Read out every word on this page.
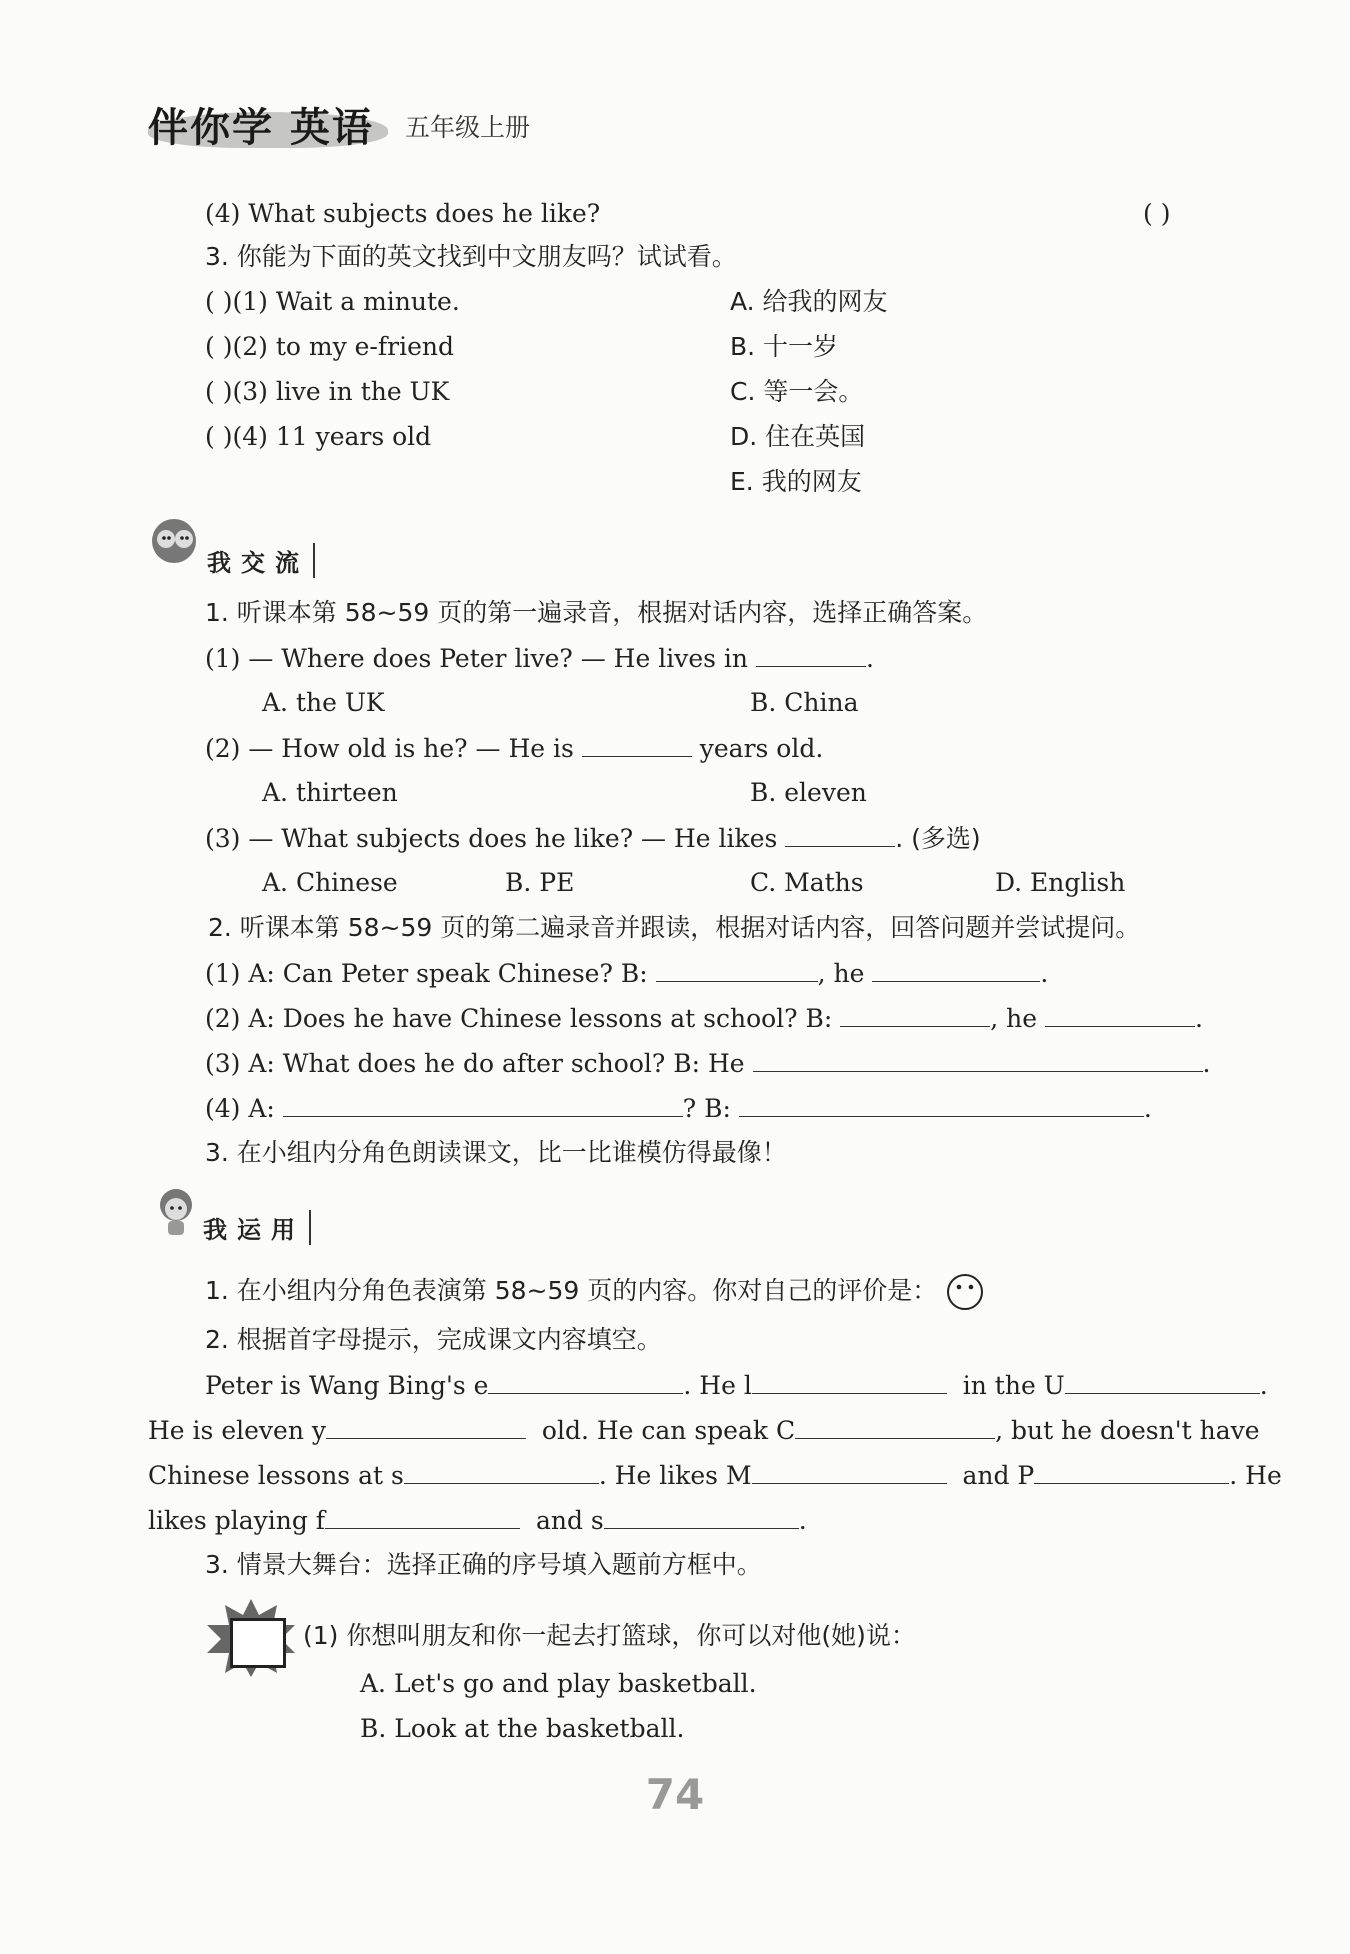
伴你学 英语 五年级上册
(4) What subjects does he like?	( )
3. 你能为下面的英文找到中文朋友吗？试试看。
( )(1) Wait a minute.
( )(2) to my e-friend
( )(3) live in the UK
( )(4) 11 years old
A. 给我的网友
B. 十一岁
C. 等一会。
D. 住在英国
E. 我的网友
我交流
1. 听课本第 58~59 页的第一遍录音，根据对话内容，选择正确答案。
(1) — Where does Peter live? — He lives in	.
A. the UK	B. China
(2) — How old is he? — He is	years old.
A. thirteen	B. eleven
(3) — What subjects does he like? — He likes	. (多选)
A. Chinese	B. PE	C. Maths	D. English
2. 听课本第 58~59 页的第二遍录音并跟读，根据对话内容，回答问题并尝试提问。
(1) A: Can Peter speak Chinese? B:	, he	.
(2) A: Does he have Chinese lessons at school? B:	, he	.
(3) A: What does he do after school? B: He	.
(4) A:	? B:	.
3. 在小组内分角色朗读课文，比一比谁模仿得最像！
我运用
1. 在小组内分角色表演第 58~59 页的内容。你对自己的评价是：
2. 根据首字母提示，完成课文内容填空。
Peter is Wang Bing's e	. He l	in the U	.
He is eleven y	old. He can speak C	, but he doesn't have
Chinese lessons at s	. He likes M	and P	. He
likes playing f	and s	.
3. 情景大舞台：选择正确的序号填入题前方框中。
(1) 你想叫朋友和你一起去打篮球，你可以对他(她)说：
A. Let's go and play basketball.
B. Look at the basketball.
74
